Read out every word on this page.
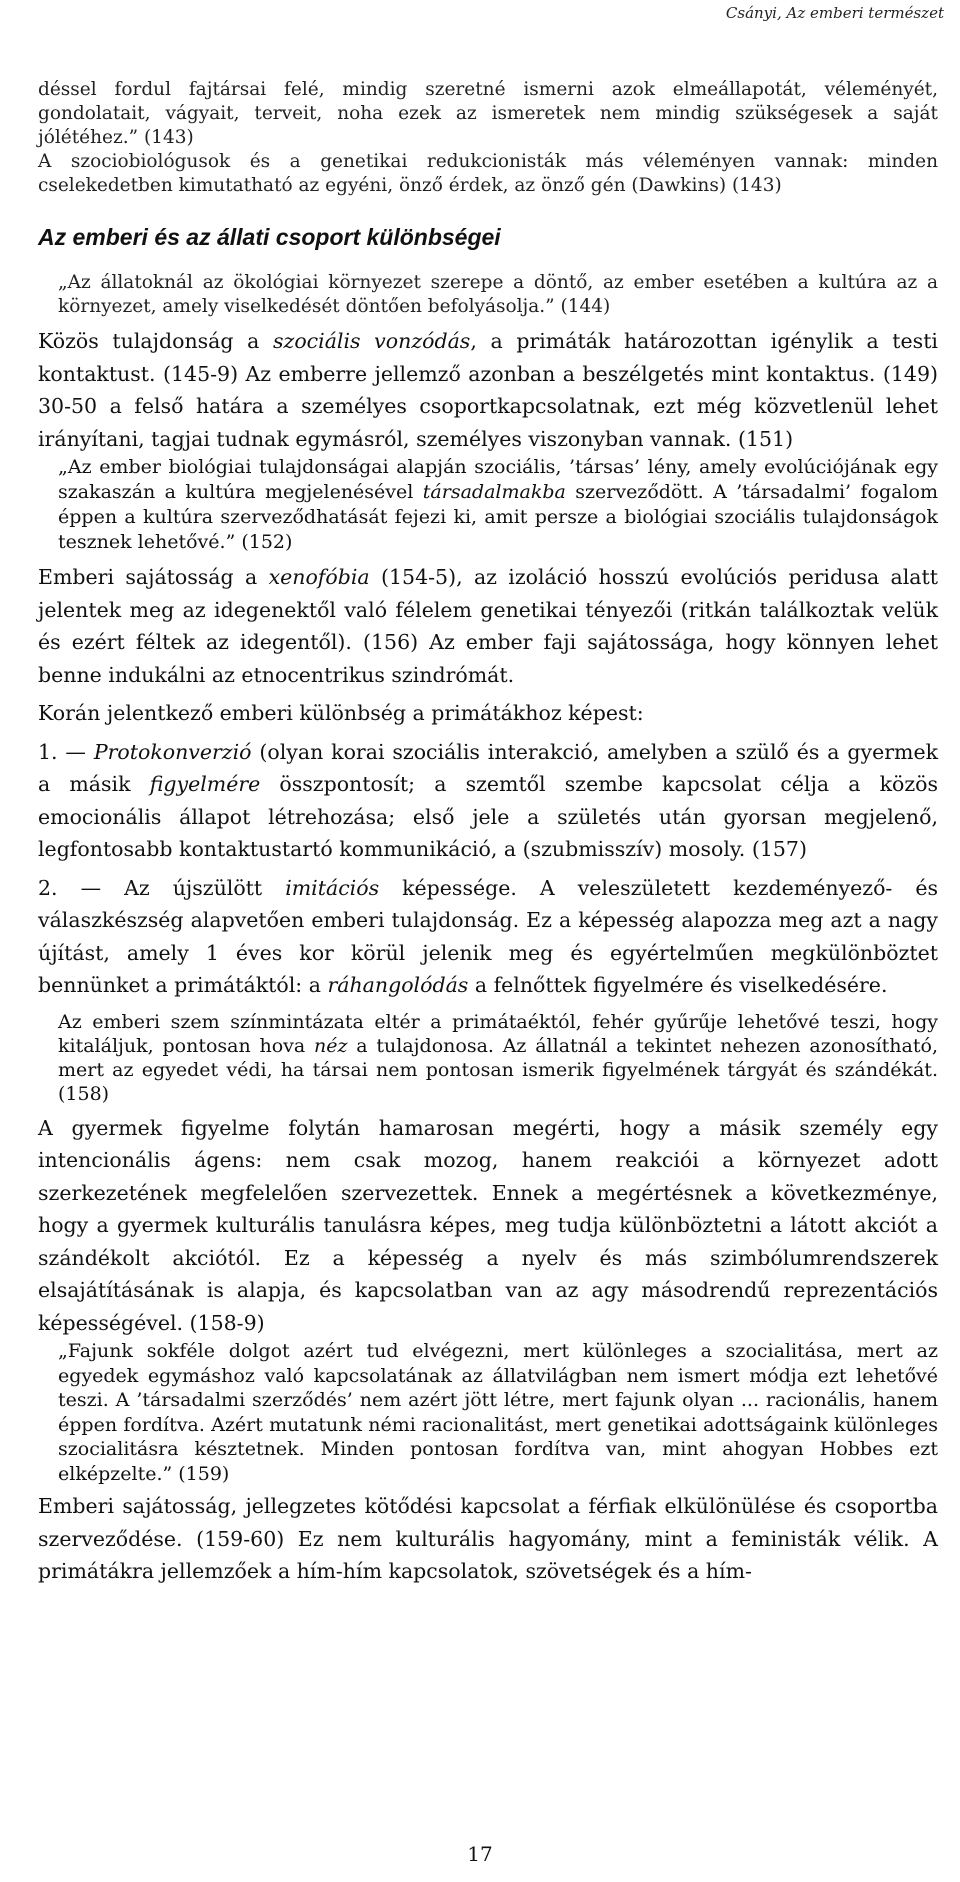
Csányi, Az emberi természet

déssel fordul fajtársai felé, mindig szeretné ismerni azok elmeállapotát, véleményét, gondolatait, vágyait, terveit, noha ezek az ismeretek nem mindig szükségesek a saját jólétéhez.” (143)

A szociobiológusok és a genetikai redukcionisták más véleményen vannak: minden cselekedetben kimutatható az egyéni, önző érdek, az önző gén (Dawkins) (143)

Az emberi és az állati csoport különbségei

„Az állatoknál az ökológiai környezet szerepe a döntő, az ember esetében a kultúra az a környezet, amely viselkedését döntően befolyásolja.” (144)

Közös tulajdonság a szociális vonzódás, a primáták határozottan igénylik a testi kontaktust. (145-9) Az emberre jellemző azonban a beszélgetés mint kontaktus. (149) 30-50 a felső határa a személyes csoportkapcsolatnak, ezt még közvetlenül lehet irányítani, tagjai tudnak egymásról, személyes viszonyban vannak. (151)

„Az ember biológiai tulajdonságai alapján szociális, ’társas’ lény, amely evolúciójának egy szakaszán a kultúra megjelenésével társadalmakba szerveződött. A ’társadalmi’ fogalom éppen a kultúra szerveződhatását fejezi ki, amit persze a biológiai szociális tulajdonságok tesznek lehetővé.” (152)

Emberi sajátosság a xenofóbia (154-5), az izoláció hosszú evolúciós peridusa alatt jelentek meg az idegenektől való félelem genetikai tényezői (ritkán találkoztak velük és ezért féltek az idegentől). (156) Az ember faji sajátossága, hogy könnyen lehet benne indukálni az etnocentrikus szindrómát.

Korán jelentkező emberi különbség a primátákhoz képest:

1. — Protokonverzió (olyan korai szociális interakció, amelyben a szülő és a gyermek a másik figyelmére összpontosít; a szemtől szembe kapcsolat célja a közös emocionális állapot létrehozása; első jele a születés után gyorsan megjelenő, legfontosabb kontaktustartó kommunikáció, a (szubmisszív) mosoly. (157)

2. — Az újszülött imitációs képessége. A veleszületett kezdeményező- és válaszkészség alapvetően emberi tulajdonság. Ez a képesség alapozza meg azt a nagy újítást, amely 1 éves kor körül jelenik meg és egyértelműen megkülönböztet bennünket a primátáktól: a ráhangolódás a felnőttek figyelmére és viselkedésére.

Az emberi szem színmintázata eltér a primátaéktól, fehér gyűrűje lehetővé teszi, hogy kitaláljuk, pontosan hova néz a tulajdonosa. Az állatnál a tekintet nehezen azonosítható, mert az egyedet védi, ha társai nem pontosan ismerik figyelmének tárgyát és szándékát. (158)

A gyermek figyelme folytán hamarosan megérti, hogy a másik személy egy intencionális ágens: nem csak mozog, hanem reakciói a környezet adott szerkezetének megfelelően szervezettek. Ennek a megértésnek a következménye, hogy a gyermek kulturális tanulásra képes, meg tudja különböztetni a látott akciót a szándékolt akciótól. Ez a képesség a nyelv és más szimbólumrendszerek elsajátításának is alapja, és kapcsolatban van az agy másodrendű reprezentációs képességével. (158-9)

„Fajunk sokféle dolgot azért tud elvégezni, mert különleges a szocialitása, mert az egyedek egymáshoz való kapcsolatának az állatvilágban nem ismert módja ezt lehetővé teszi. A ’társadalmi szerződés’ nem azért jött létre, mert fajunk olyan ... racionális, hanem éppen fordítva. Azért mutatunk némi racionalitást, mert genetikai adottságaink különleges szocialitásra késztetnek. Minden pontosan fordítva van, mint ahogyan Hobbes ezt elképzelte.” (159)

Emberi sajátosság, jellegzetes kötődési kapcsolat a férfiak elkülönülése és csoportba szerveződése. (159-60) Ez nem kulturális hagyomány, mint a feministák vélik. A primátákra jellemzőek a hím-hím kapcsolatok, szövetségek és a hím-

17
